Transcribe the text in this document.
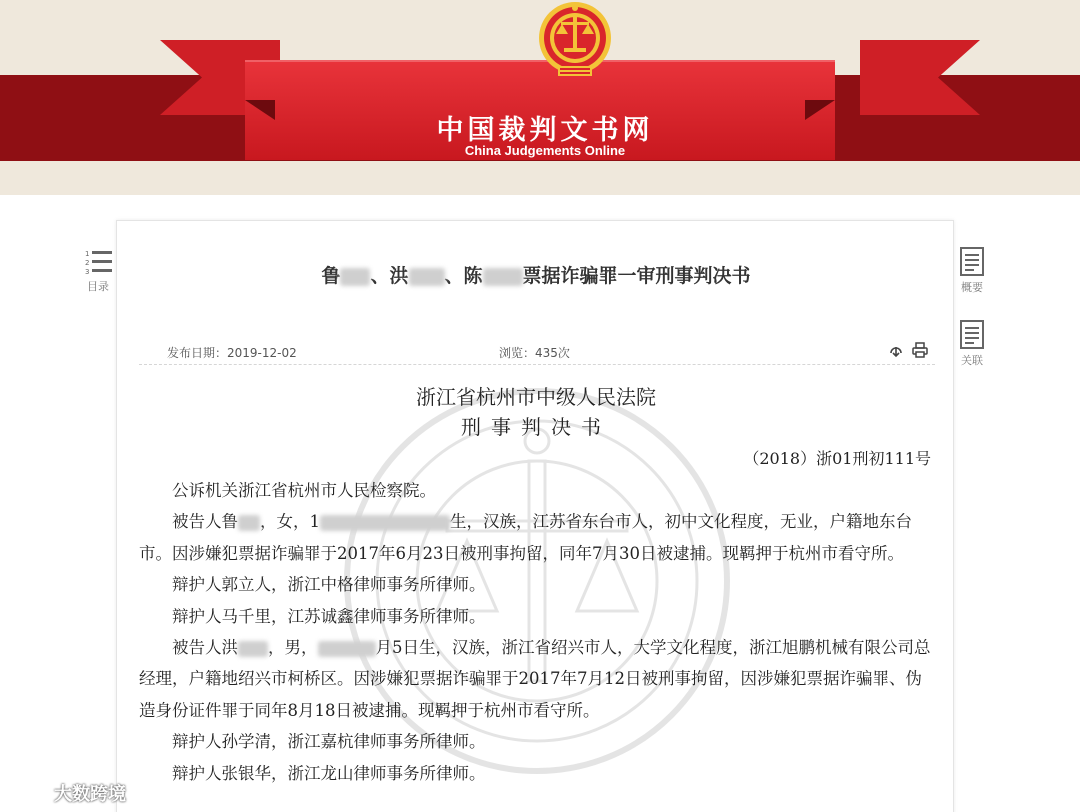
中国裁判文书网
China Judgements Online
1
2
3
目录	概要
关联
鲁 、洪 、陈 票据诈骗罪一审刑事判决书
发布日期：2019-12-02	浏览：435次
浙江省杭州市中级人民法院
刑事判决书
（2018）浙01刑初111号

公诉机关浙江省杭州市人民检察院。

被告人鲁 ，女，1	生，汉族，江苏省东台市人，初中文化程度，无业，户籍地东台市。因涉嫌犯票据诈骗罪于2017年6月23日被刑事拘留，同年7月30日被逮捕。现羁押于杭州市看守所。

辩护人郭立人，浙江中格律师事务所律师。

辩护人马千里，江苏诚鑫律师事务所律师。

被告人洪 ，男，	月5日生，汉族，浙江省绍兴市人，大学文化程度，浙江旭鹏机械有限公司总经理，户籍地绍兴市柯桥区。因涉嫌犯票据诈骗罪于2017年7月12日被刑事拘留，因涉嫌犯票据诈骗罪、伪造身份证件罪于同年8月18日被逮捕。现羁押于杭州市看守所。

辩护人孙学清，浙江嘉杭律师事务所律师。

辩护人张银华，浙江龙山律师事务所律师。

大数跨境
